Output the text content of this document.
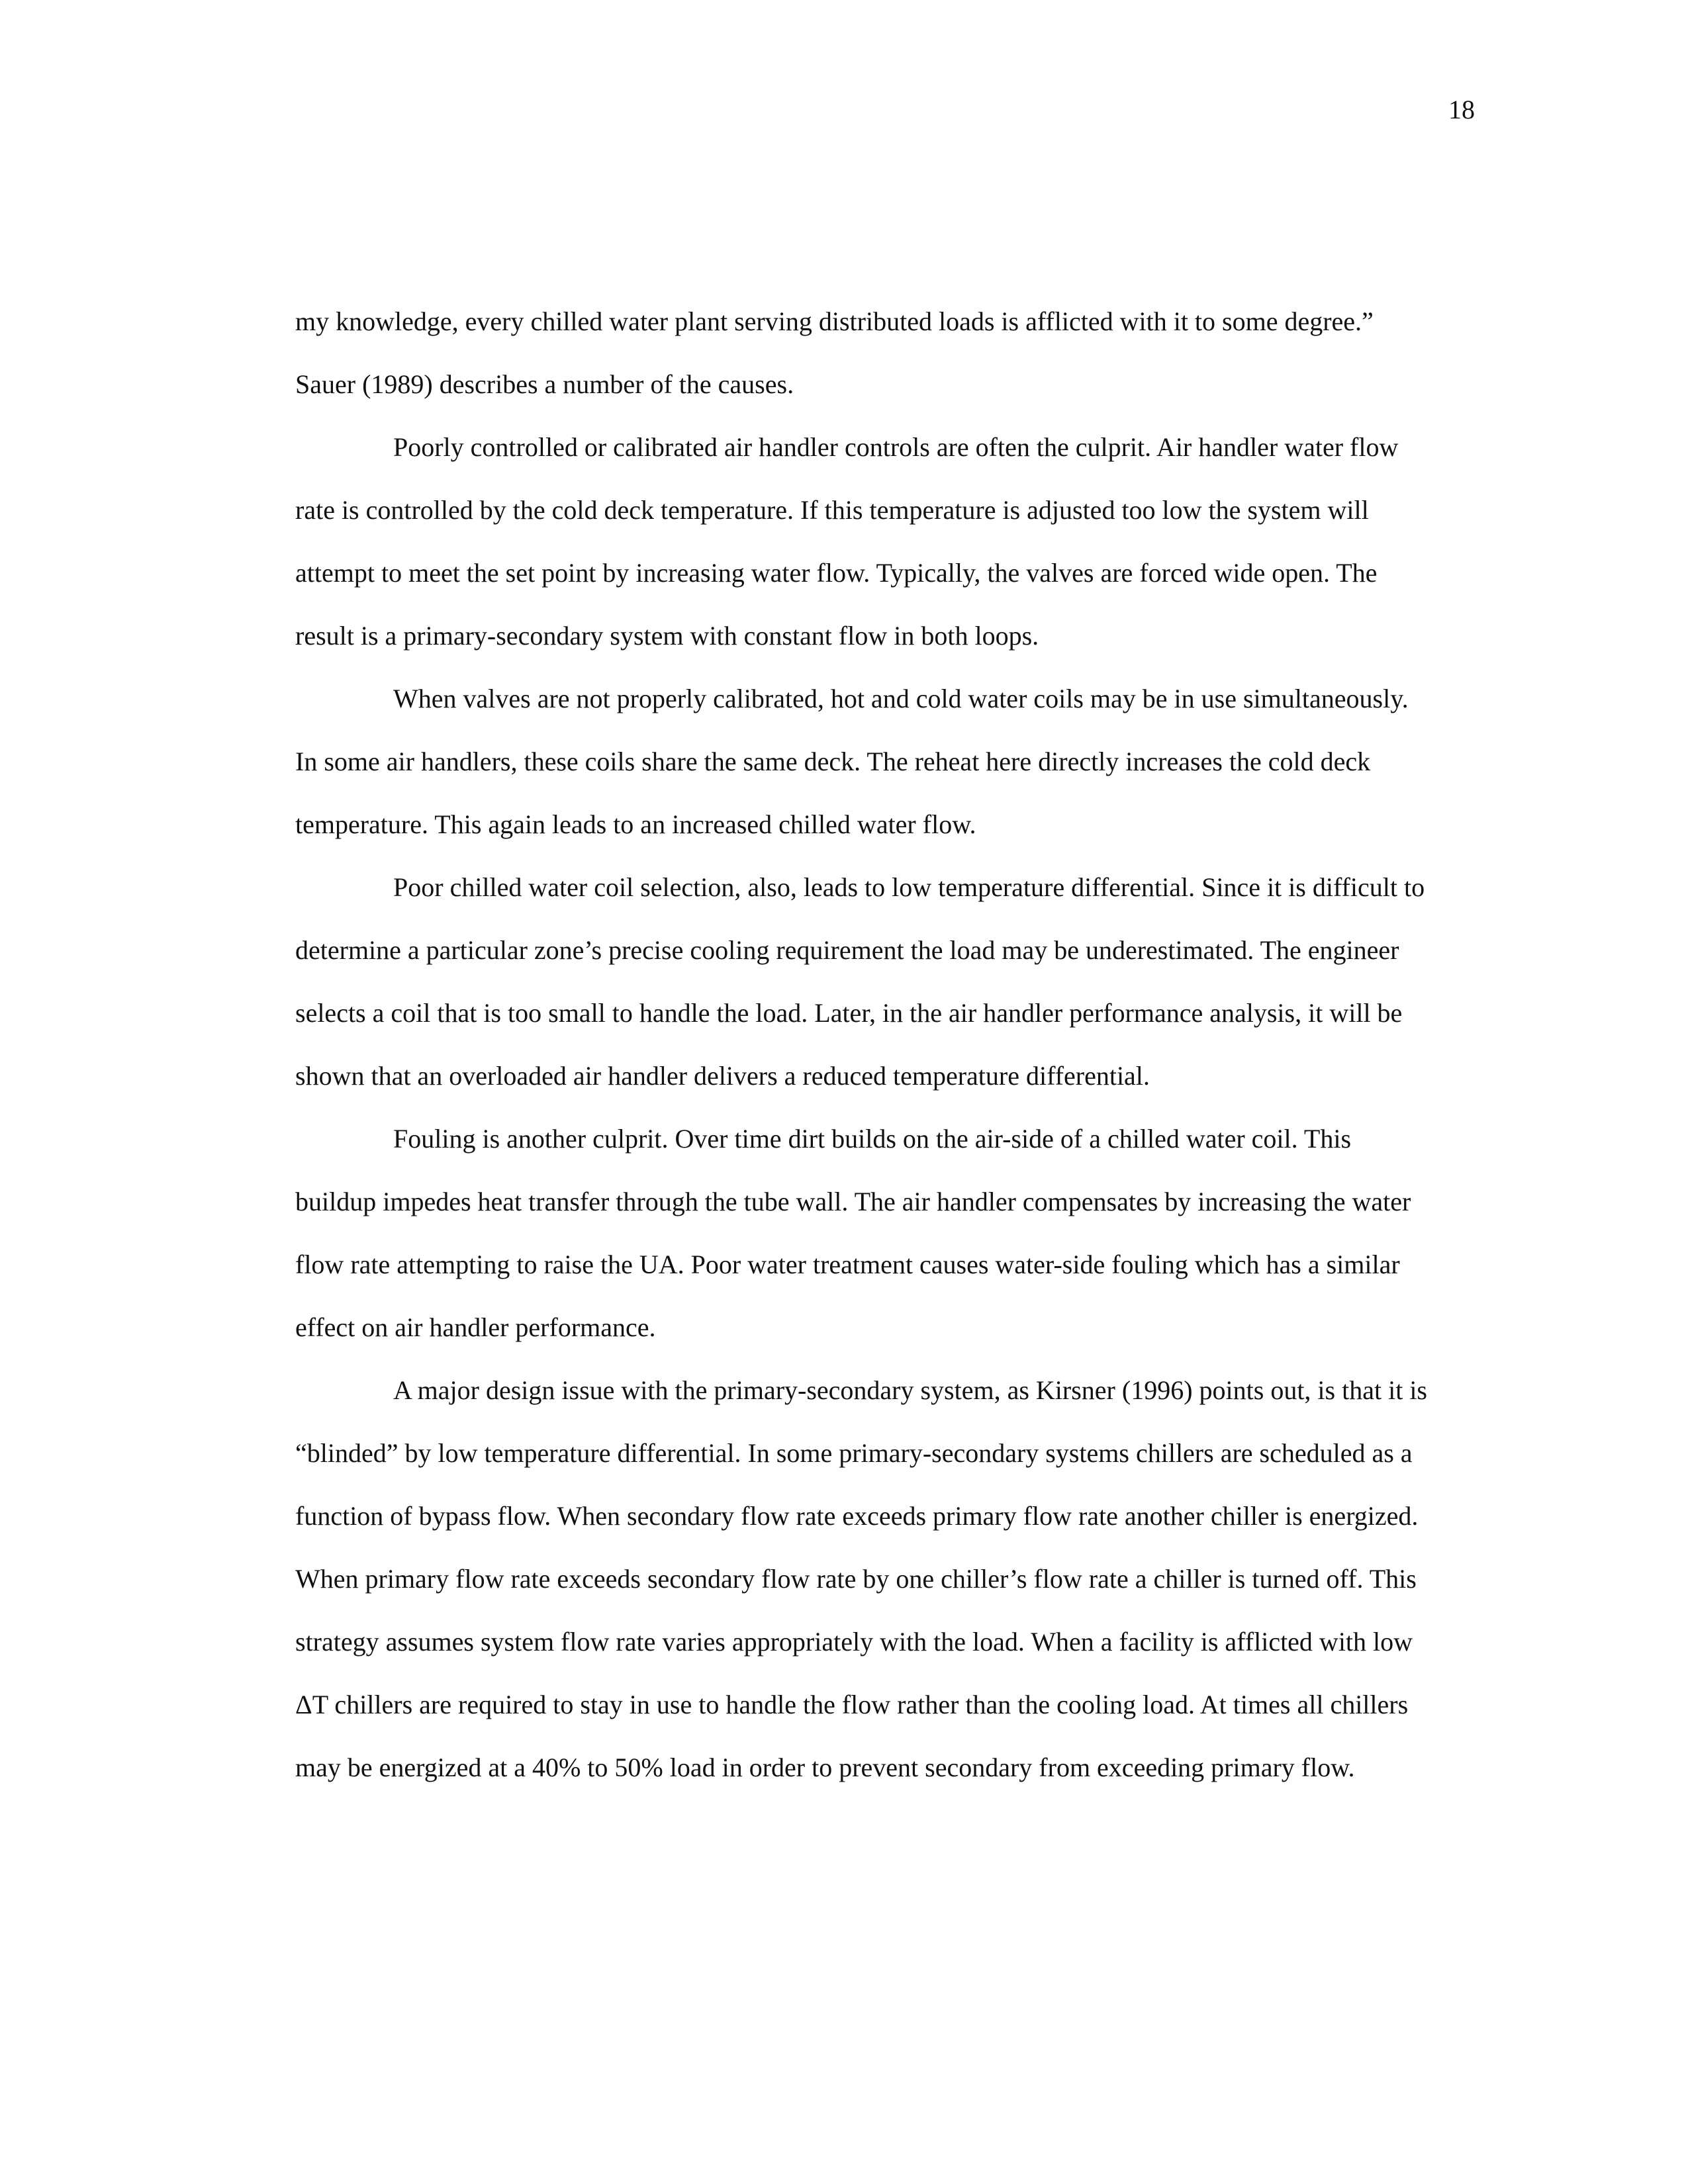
18

my knowledge, every chilled water plant serving distributed loads is afflicted with it to some degree.”
Sauer (1989) describes a number of the causes.

Poorly controlled or calibrated air handler controls are often the culprit. Air handler water flow
rate is controlled by the cold deck temperature. If this temperature is adjusted too low the system will
attempt to meet the set point by increasing water flow. Typically, the valves are forced wide open. The
result is a primary-secondary system with constant flow in both loops.

When valves are not properly calibrated, hot and cold water coils may be in use simultaneously.
In some air handlers, these coils share the same deck. The reheat here directly increases the cold deck
temperature. This again leads to an increased chilled water flow.

Poor chilled water coil selection, also, leads to low temperature differential. Since it is difficult to
determine a particular zone’s precise cooling requirement the load may be underestimated. The engineer
selects a coil that is too small to handle the load. Later, in the air handler performance analysis, it will be
shown that an overloaded air handler delivers a reduced temperature differential.

Fouling is another culprit. Over time dirt builds on the air-side of a chilled water coil. This
buildup impedes heat transfer through the tube wall. The air handler compensates by increasing the water
flow rate attempting to raise the UA. Poor water treatment causes water-side fouling which has a similar
effect on air handler performance.

A major design issue with the primary-secondary system, as Kirsner (1996) points out, is that it is
“blinded” by low temperature differential. In some primary-secondary systems chillers are scheduled as a
function of bypass flow. When secondary flow rate exceeds primary flow rate another chiller is energized.
When primary flow rate exceeds secondary flow rate by one chiller’s flow rate a chiller is turned off. This
strategy assumes system flow rate varies appropriately with the load. When a facility is afflicted with low
ΔT chillers are required to stay in use to handle the flow rather than the cooling load. At times all chillers
may be energized at a 40% to 50% load in order to prevent secondary from exceeding primary flow.
